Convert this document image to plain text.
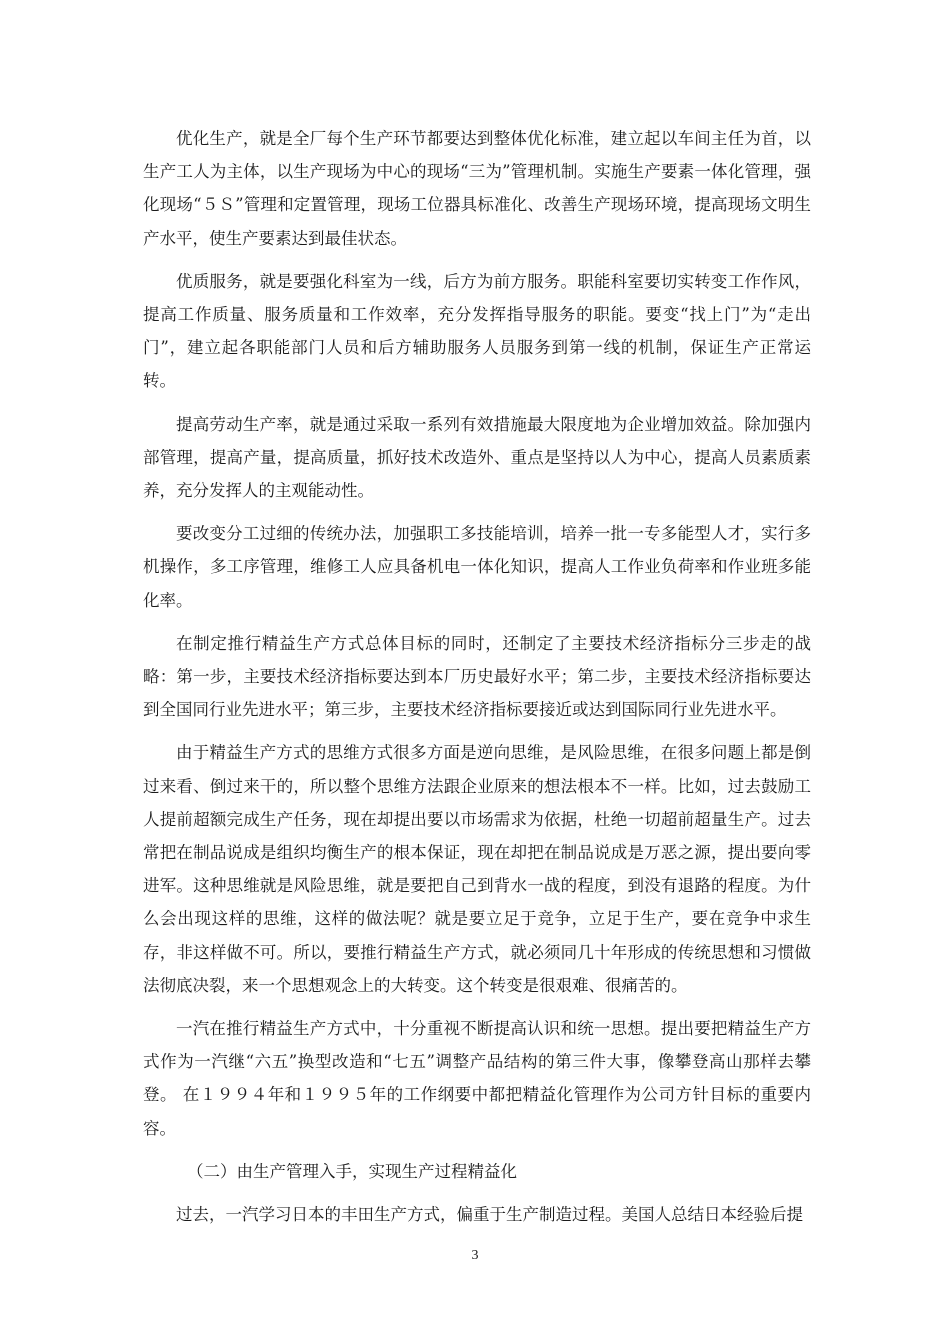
优化生产，就是全厂每个生产环节都要达到整体优化标准，建立起以车间主任为首，以生产工人为主体，以生产现场为中心的现场“三为”管理机制。实施生产要素一体化管理，强化现场“５Ｓ”管理和定置管理，现场工位器具标准化、改善生产现场环境，提高现场文明生产水平，使生产要素达到最佳状态。

优质服务，就是要强化科室为一线，后方为前方服务。职能科室要切实转变工作作风，提高工作质量、服务质量和工作效率，充分发挥指导服务的职能。要变“找上门”为“走出门”，建立起各职能部门人员和后方辅助服务人员服务到第一线的机制，保证生产正常运转。

提高劳动生产率，就是通过采取一系列有效措施最大限度地为企业增加效益。除加强内部管理，提高产量，提高质量，抓好技术改造外、重点是坚持以人为中心，提高人员素质素养，充分发挥人的主观能动性。

要改变分工过细的传统办法，加强职工多技能培训，培养一批一专多能型人才，实行多机操作，多工序管理，维修工人应具备机电一体化知识，提高人工作业负荷率和作业班多能化率。

在制定推行精益生产方式总体目标的同时，还制定了主要技术经济指标分三步走的战略：第一步，主要技术经济指标要达到本厂历史最好水平；第二步，主要技术经济指标要达到全国同行业先进水平；第三步，主要技术经济指标要接近或达到国际同行业先进水平。

由于精益生产方式的思维方式很多方面是逆向思维，是风险思维，在很多问题上都是倒过来看、倒过来干的，所以整个思维方法跟企业原来的想法根本不一样。比如，过去鼓励工人提前超额完成生产任务，现在却提出要以市场需求为依据，杜绝一切超前超量生产。过去常把在制品说成是组织均衡生产的根本保证，现在却把在制品说成是万恶之源，提出要向零进军。这种思维就是风险思维，就是要把自己到背水一战的程度，到没有退路的程度。为什么会出现这样的思维，这样的做法呢？就是要立足于竞争，立足于生产，要在竞争中求生存，非这样做不可。所以，要推行精益生产方式，就必须同几十年形成的传统思想和习惯做法彻底决裂，来一个思想观念上的大转变。这个转变是很艰难、很痛苦的。

一汽在推行精益生产方式中，十分重视不断提高认识和统一思想。提出要把精益生产方式作为一汽继“六五”换型改造和“七五”调整产品结构的第三件大事，像攀登高山那样去攀登。 在１９９４年和１９９５年的工作纲要中都把精益化管理作为公司方针目标的重要内容。

（二）由生产管理入手，实现生产过程精益化

过去，一汽学习日本的丰田生产方式，偏重于生产制造过程。美国人总结日本经验后提

3
